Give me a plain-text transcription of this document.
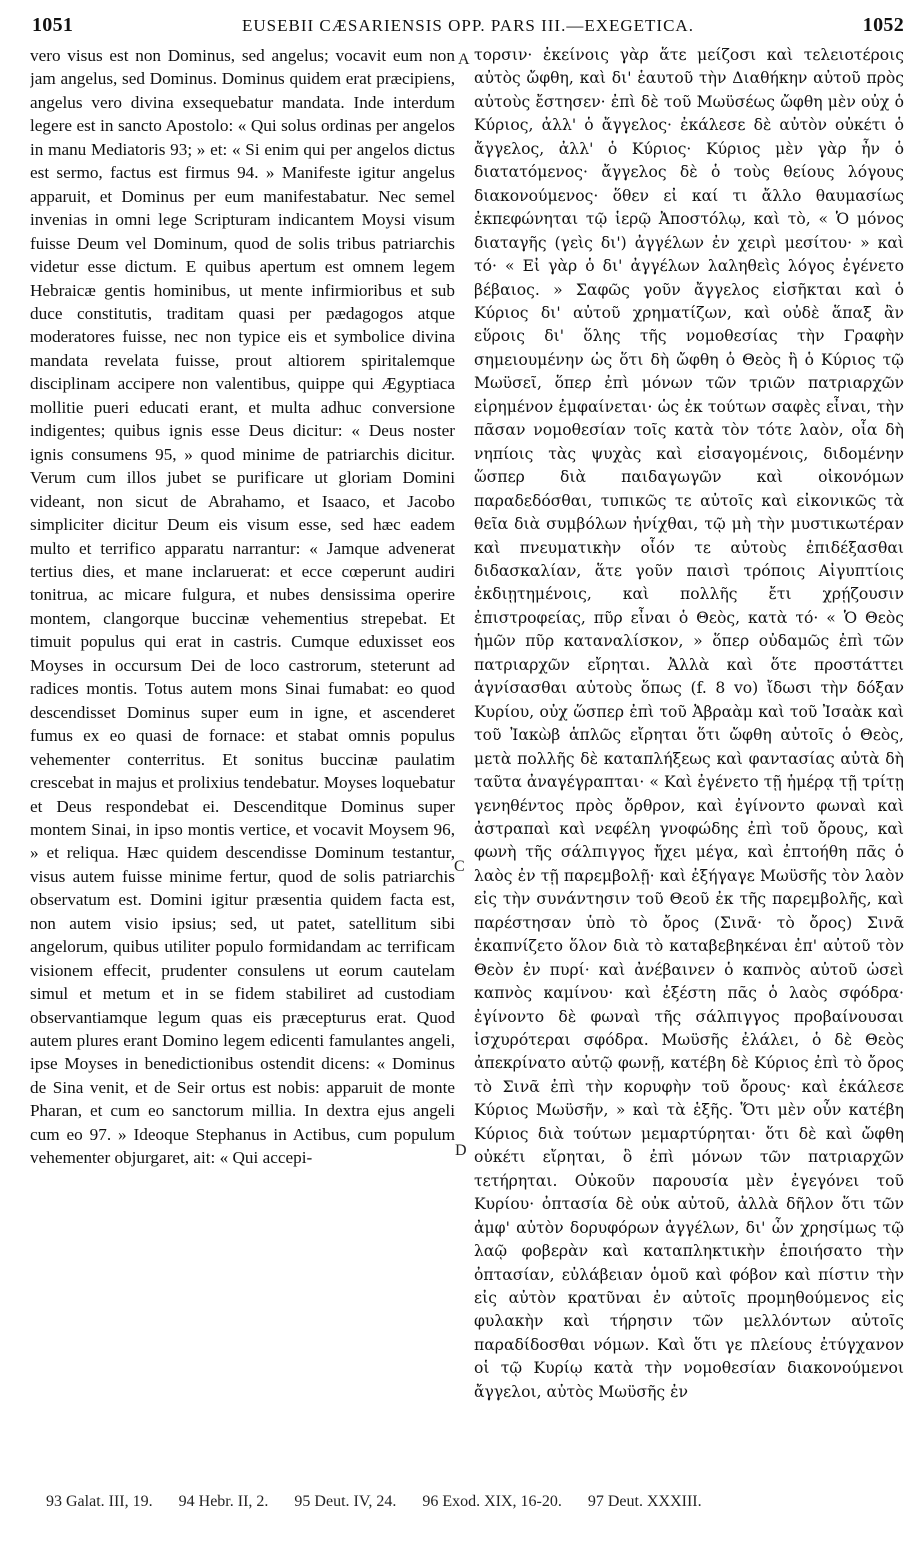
1051	EUSEBII CÆSARIENSIS OPP. PARS III.—EXEGETICA.	1052

vero visus est non Dominus, sed angelus; vocavit eum non jam angelus, sed Dominus. Dominus quidem erat præcipiens, angelus vero divina exsequebatur mandata. Inde interdum legere est in sancto Apostolo: « Qui solus ordinas per angelos in manu Mediatoris 93; » et: « Si enim qui per angelos dictus est sermo, factus est firmus 94. » Manifeste igitur angelus apparuit, et Dominus per eum manifestabatur. Nec semel invenias in omni lege Scripturam indicantem Moysi visum fuisse Deum vel Dominum, quod de solis tribus patriarchis videtur esse dictum. E quibus apertum est omnem legem Hebraicæ gentis hominibus, ut mente infirmioribus et sub duce constitutis, traditam quasi per pædagogos atque moderatores fuisse, nec non typice eis et symbolice divina mandata revelata fuisse, prout altiorem spiritalemque disciplinam accipere non valentibus, quippe qui Ægyptiaca mollitie pueri educati erant, et multa adhuc conversione indigentes; quibus ignis esse Deus dicitur: « Deus noster ignis consumens 95, » quod minime de patriarchis dicitur. Verum cum illos jubet se purificare ut gloriam Domini videant, non sicut de Abrahamo, et Isaaco, et Jacobo simpliciter dicitur Deum eis visum esse, sed hæc eadem multo et terrifico apparatu narrantur: « Jamque advenerat tertius dies, et mane inclaruerat: et ecce cœperunt audiri tonitrua, ac micare fulgura, et nubes densissima operire montem, clangorque buccinæ vehementius strepebat. Et timuit populus qui erat in castris. Cumque eduxisset eos Moyses in occursum Dei de loco castrorum, steterunt ad radices montis. Totus autem mons Sinai fumabat: eo quod descendisset Dominus super eum in igne, et ascenderet fumus ex eo quasi de fornace: et stabat omnis populus vehementer conterritus. Et sonitus buccinæ paulatim crescebat in majus et prolixius tendebatur. Moyses loquebatur et Deus respondebat ei. Descenditque Dominus super montem Sinai, in ipso montis vertice, et vocavit Moysem 96, » et reliqua. Hæc quidem descendisse Dominum testantur, visus autem fuisse minime fertur, quod de solis patriarchis observatum est. Domini igitur præsentia quidem facta est, non autem visio ipsius; sed, ut patet, satellitum sibi angelorum, quibus utiliter populo formidandam ac terrificam visionem effecit, prudenter consulens ut eorum cautelam simul et metum et in se fidem stabiliret ad custodiam observantiamque legum quas eis præcepturus erat. Quod autem plures erant Domino legem edicenti famulantes angeli, ipse Moyses in benedictionibus ostendit dicens: « Dominus de Sina venit, et de Seir ortus est nobis: apparuit de monte Pharan, et cum eo sanctorum millia. In dextra ejus angeli cum eo 97. » Ideoque Stephanus in Actibus, cum populum vehementer objurgaret, ait: « Qui accepi-

A
C
D

τορσιν· ἐκείνοις γὰρ ἅτε μείζοσι καὶ τελειοτέροις αὐτὸς ὤφθη, καὶ δι' ἑαυτοῦ τὴν Διαθήκην αὐτοῦ πρὸς αὐτοὺς ἔστησεν· ἐπὶ δὲ τοῦ Μωϋσέως ὤφθη μὲν οὐχ ὁ Κύριος, ἀλλ' ὁ ἄγγελος· ἐκάλεσε δὲ αὐτὸν οὐκέτι ὁ ἄγγελος, ἀλλ' ὁ Κύριος· Κύριος μὲν γὰρ ἦν ὁ διατατόμενος· ἄγγελος δὲ ὁ τοὺς θείους λόγους διακονούμενος· ὅθεν εἰ καί τι ἄλλο θαυμασίως ἐκπεφώνηται τῷ ἱερῷ Ἀποστόλῳ, καὶ τὸ, « Ὁ μόνος διαταγῆς (γεὶς δι') ἀγγέλων ἐν χειρὶ μεσίτου· » καὶ τό· « Εἰ γὰρ ὁ δι' ἀγγέλων λαληθεὶς λόγος ἐγένετο βέβαιος. » Σαφῶς γοῦν ἄγγελος εἰσῆκται καὶ ὁ Κύριος δι' αὐτοῦ χρηματίζων, καὶ οὐδὲ ἅπαξ ἂν εὕροις δι' ὅλης τῆς νομοθεσίας τὴν Γραφὴν σημειουμένην ὡς ὅτι δὴ ὤφθη ὁ Θεὸς ἢ ὁ Κύριος τῷ Μωϋσεῖ, ὅπερ ἐπὶ μόνων τῶν τριῶν πατριαρχῶν εἰρημένον ἐμφαίνεται· ὡς ἐκ τούτων σαφὲς εἶναι, τὴν πᾶσαν νομοθεσίαν τοῖς κατὰ τὸν τότε λαὸν, οἷα δὴ νηπίοις τὰς ψυχὰς καὶ εἰσαγομένοις, διδομένην ὥσπερ διὰ παιδαγωγῶν καὶ οἰκονόμων παραδεδόσθαι, τυπικῶς τε αὐτοῖς καὶ εἰκονικῶς τὰ θεῖα διὰ συμβόλων ἠνίχθαι, τῷ μὴ τὴν μυστικωτέραν καὶ πνευματικὴν οἷόν τε αὐτοὺς ἐπιδέξασθαι διδασκαλίαν, ἅτε γοῦν παισὶ τρόποις Αἰγυπτίοις ἐκδιῃτημένοις, καὶ πολλῆς ἔτι χρῄζουσιν ἐπιστροφείας, πῦρ εἶναι ὁ Θεὸς, κατὰ τό· « Ὁ Θεὸς ἡμῶν πῦρ καταναλίσκον, » ὅπερ οὐδαμῶς ἐπὶ τῶν πατριαρχῶν εἴρηται. Ἀλλὰ καὶ ὅτε προστάττει ἁγνίσασθαι αὐτοὺς ὅπως (f. 8 vo) ἴδωσι τὴν δόξαν Κυρίου, οὐχ ὥσπερ ἐπὶ τοῦ Ἀβραὰμ καὶ τοῦ Ἰσαὰκ καὶ τοῦ Ἰακὼβ ἁπλῶς εἴρηται ὅτι ὤφθη αὐτοῖς ὁ Θεὸς, μετὰ πολλῆς δὲ καταπλήξεως καὶ φαντασίας αὐτὰ δὴ ταῦτα ἀναγέγραπται· « Καὶ ἐγένετο τῇ ἡμέρᾳ τῇ τρίτῃ γενηθέντος πρὸς ὄρθρον, καὶ ἐγίνοντο φωναὶ καὶ ἀστραπαὶ καὶ νεφέλη γνοφώδης ἐπὶ τοῦ ὄρους, καὶ φωνὴ τῆς σάλπιγγος ἤχει μέγα, καὶ ἐπτοήθη πᾶς ὁ λαὸς ἐν τῇ παρεμβολῇ· καὶ ἐξήγαγε Μωϋσῆς τὸν λαὸν εἰς τὴν συνάντησιν τοῦ Θεοῦ ἐκ τῆς παρεμβολῆς, καὶ παρέστησαν ὑπὸ τὸ ὄρος (Σινᾶ· τὸ ὄρος) Σινᾶ ἐκαπνίζετο ὅλον διὰ τὸ καταβεβηκέναι ἐπ' αὐτοῦ τὸν Θεὸν ἐν πυρί· καὶ ἀνέβαινεν ὁ καπνὸς αὐτοῦ ὡσεὶ καπνὸς καμίνου· καὶ ἐξέστη πᾶς ὁ λαὸς σφόδρα· ἐγίνοντο δὲ φωναὶ τῆς σάλπιγγος προβαίνουσαι ἰσχυρότεραι σφόδρα. Μωϋσῆς ἐλάλει, ὁ δὲ Θεὸς ἀπεκρίνατο αὐτῷ φωνῇ, κατέβη δὲ Κύριος ἐπὶ τὸ ὄρος τὸ Σινᾶ ἐπὶ τὴν κορυφὴν τοῦ ὄρους· καὶ ἐκάλεσε Κύριος Μωϋσῆν, » καὶ τὰ ἑξῆς. Ὅτι μὲν οὖν κατέβη Κύριος διὰ τούτων μεμαρτύρηται· ὅτι δὲ καὶ ὤφθη οὐκέτι εἴρηται, ὃ ἐπὶ μόνων τῶν πατριαρχῶν τετήρηται. Οὐκοῦν παρουσία μὲν ἐγεγόνει τοῦ Κυρίου· ὀπτασία δὲ οὐκ αὐτοῦ, ἀλλὰ δῆλον ὅτι τῶν ἀμφ' αὐτὸν δορυφόρων ἀγγέλων, δι' ὧν χρησίμως τῷ λαῷ φοβερὰν καὶ καταπληκτικὴν ἐποιήσατο τὴν ὀπτασίαν, εὐλάβειαν ὁμοῦ καὶ φόβον καὶ πίστιν τὴν εἰς αὐτὸν κρατῦναι ἐν αὐτοῖς προμηθούμενος εἰς φυλακὴν καὶ τήρησιν τῶν μελλόντων αὐτοῖς παραδίδοσθαι νόμων. Καὶ ὅτι γε πλείους ἐτύγχανον οἱ τῷ Κυρίῳ κατὰ τὴν νομοθεσίαν διακονούμενοι ἄγγελοι, αὐτὸς Μωϋσῆς ἐν

93 Galat. III, 19. 94 Hebr. II, 2. 95 Deut. IV, 24. 96 Exod. XIX, 16-20. 97 Deut. XXXIII.
